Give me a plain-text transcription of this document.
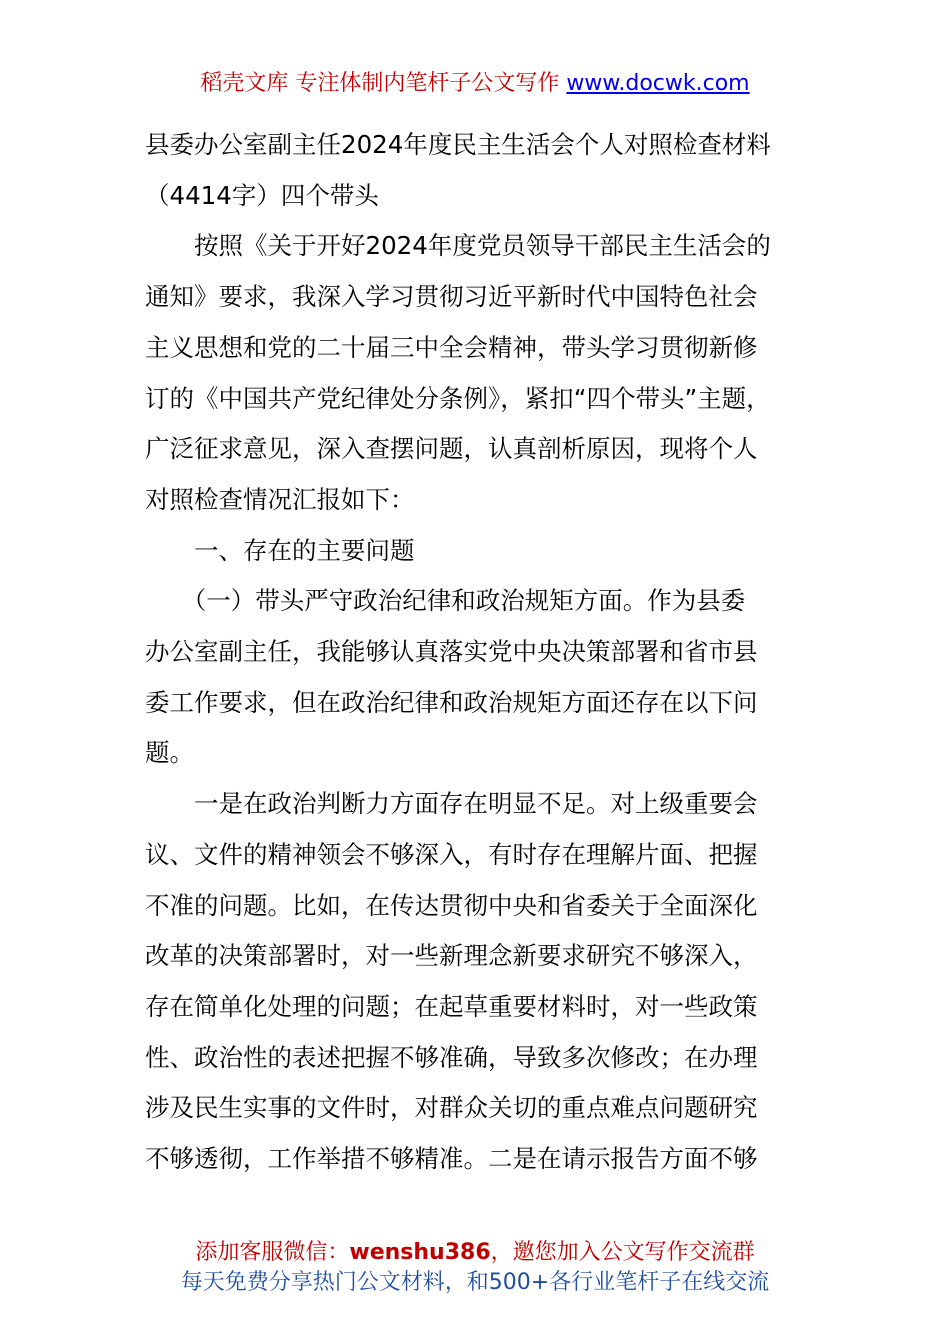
稻壳文库 专注体制内笔杆子公文写作 www.docwk.com

县委办公室副主任2024年度民主生活会个人对照检查材料

（4414字）四个带头

　　按照《关于开好2024年度党员领导干部民主生活会的

通知》要求，我深入学习贯彻习近平新时代中国特色社会

主义思想和党的二十届三中全会精神，带头学习贯彻新修

订的《中国共产党纪律处分条例》，紧扣“四个带头”主题，

广泛征求意见，深入查摆问题，认真剖析原因，现将个人

对照检查情况汇报如下：

　　一、存在的主要问题

　　（一）带头严守政治纪律和政治规矩方面。作为县委

办公室副主任，我能够认真落实党中央决策部署和省市县

委工作要求，但在政治纪律和政治规矩方面还存在以下问

题。

　　一是在政治判断力方面存在明显不足。对上级重要会

议、文件的精神领会不够深入，有时存在理解片面、把握

不准的问题。比如，在传达贯彻中央和省委关于全面深化

改革的决策部署时，对一些新理念新要求研究不够深入，

存在简单化处理的问题；在起草重要材料时，对一些政策

性、政治性的表述把握不够准确，导致多次修改；在办理

涉及民生实事的文件时，对群众关切的重点难点问题研究

不够透彻，工作举措不够精准。二是在请示报告方面不够

添加客服微信：wenshu386，邀您加入公文写作交流群
每天免费分享热门公文材料，和500+各行业笔杆子在线交流
